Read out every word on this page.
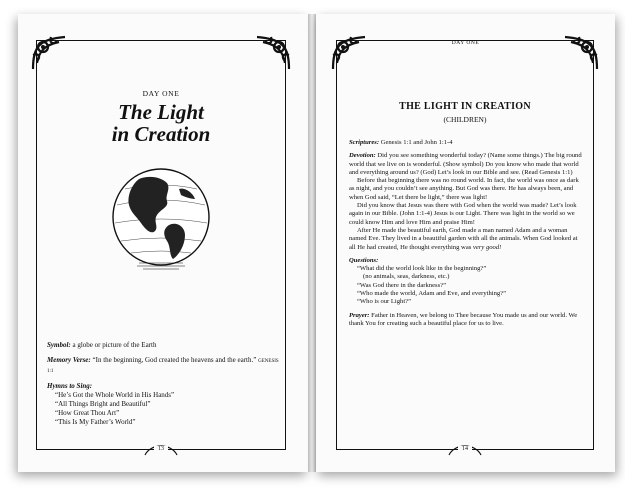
DAY ONE
The Light
in Creation

Symbol: a globe or picture of the Earth

Memory Verse: “In the beginning, God created the heavens and the earth.” GENESIS 1:1

Hymns to Sing:

“He’s Got the Whole World in His Hands”
“All Things Bright and Beautiful”
“How Great Thou Art”
“This Is My Father’s World”
13
DAY ONE
THE LIGHT IN CREATION
(CHILDREN)

Scriptures: Genesis 1:1 and John 1:1-4

Devotion: Did you see something wonderful today? (Name some things.) The big round world that we live on is wonderful. (Show symbol) Do you know who made that world and everything around us? (God) Let’s look in our Bible and see. (Read Genesis 1:1)

Before that beginning there was no round world. In fact, the world was once as dark as night, and you couldn’t see anything. But God was there. He has always been, and when God said, “Let there be light,” there was light!

Did you know that Jesus was there with God when the world was made? Let’s look again in our Bible. (John 1:1-4) Jesus is our Light. There was light in the world so we could know Him and love Him and praise Him!

After He made the beautiful earth, God made a man named Adam and a woman named Eve. They lived in a beautiful garden with all the animals. When God looked at all He had created, He thought everything was very good!

Questions:

“What did the world look like in the beginning?”

(no animals, seas, darkness, etc.)

“Was God there in the darkness?”

“Who made the world, Adam and Eve, and everything?”

“Who is our Light?”

Prayer: Father in Heaven, we belong to Thee because You made us and our world. We thank You for creating such a beautiful place for us to live.

14
